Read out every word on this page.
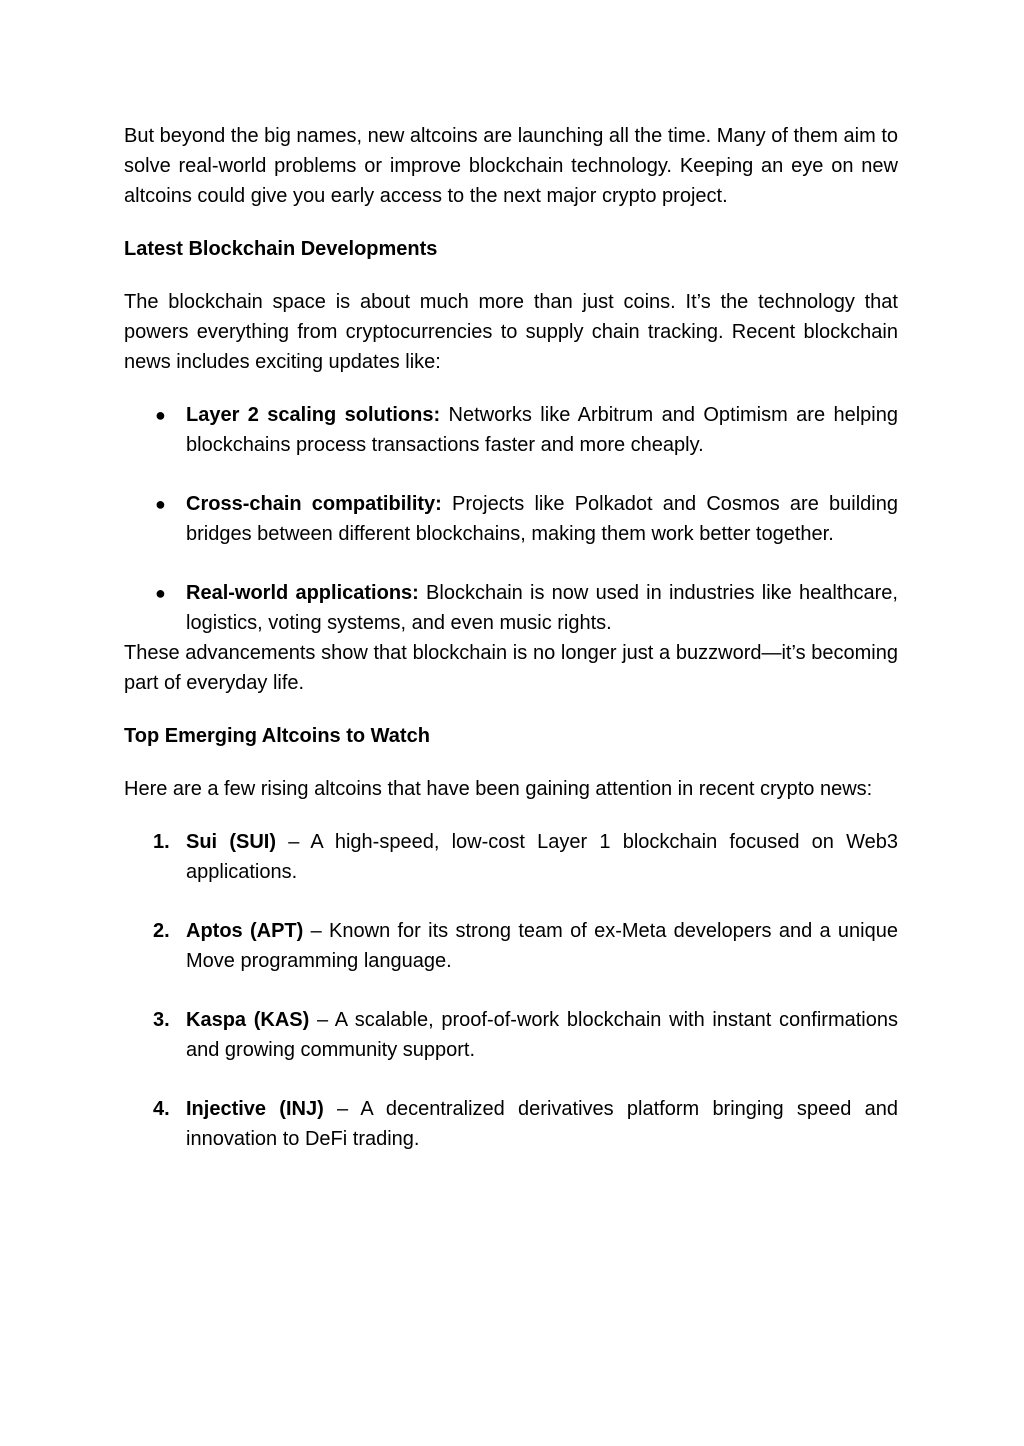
But beyond the big names, new altcoins are launching all the time. Many of them aim to solve real-world problems or improve blockchain technology. Keeping an eye on new altcoins could give you early access to the next major crypto project.

Latest Blockchain Developments

The blockchain space is about much more than just coins. It’s the technology that powers everything from cryptocurrencies to supply chain tracking. Recent blockchain news includes exciting updates like:

●	Layer 2 scaling solutions: Networks like Arbitrum and Optimism are helping blockchains process transactions faster and more cheaply.
●	Cross-chain compatibility: Projects like Polkadot and Cosmos are building bridges between different blockchains, making them work better together.
●	Real-world applications: Blockchain is now used in industries like healthcare, logistics, voting systems, and even music rights.

These advancements show that blockchain is no longer just a buzzword—it’s becoming part of everyday life.

Top Emerging Altcoins to Watch

Here are a few rising altcoins that have been gaining attention in recent crypto news:

1. Sui (SUI) – A high-speed, low-cost Layer 1 blockchain focused on Web3 applications.
2. Aptos (APT) – Known for its strong team of ex-Meta developers and a unique Move programming language.
3. Kaspa (KAS) – A scalable, proof-of-work blockchain with instant confirmations and growing community support.
4. Injective (INJ) – A decentralized derivatives platform bringing speed and innovation to DeFi trading.
